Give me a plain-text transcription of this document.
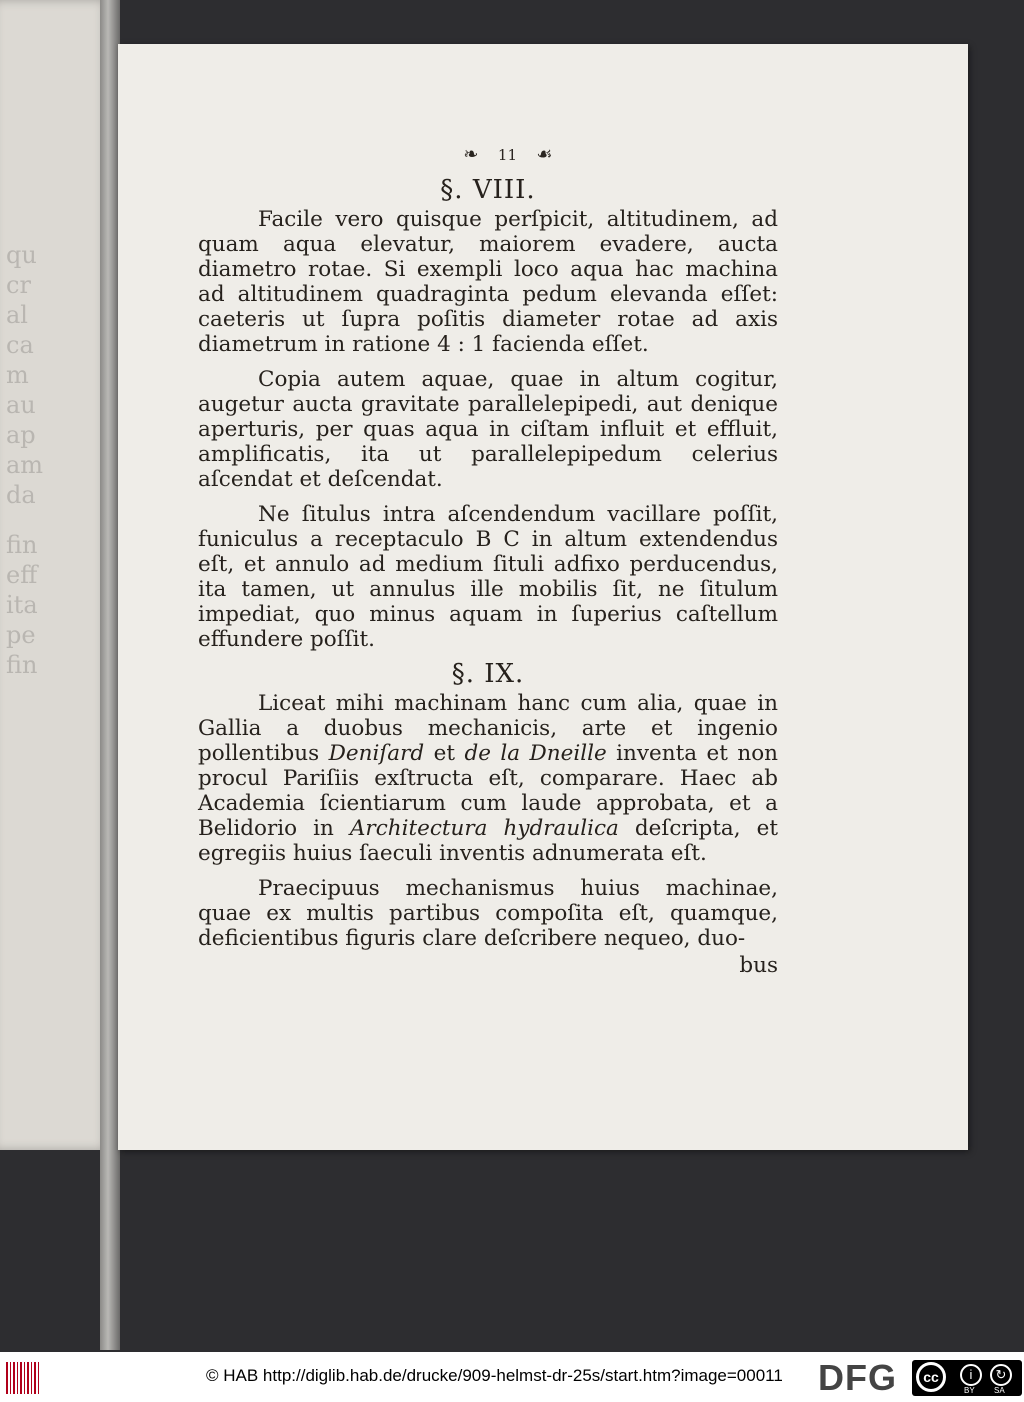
qu
cr
al
ca
m
au
ap
am
da
fin
eff
ita
pe
fin
❧ 11 ☙
§. VIII.

Facile vero quisque perſpicit, altitudinem, ad quam aqua elevatur, maiorem evadere, aucta diametro rotae. Si exempli loco aqua hac machina ad altitudinem quadraginta pedum elevanda eſſet: caeteris ut ſupra poſitis diameter rotae ad axis diametrum in ratione 4 : 1 facienda eſſet.

Copia autem aquae, quae in altum cogitur, augetur aucta gravitate parallelepipedi, aut denique aperturis, per quas aqua in ciſtam influit et effluit, amplificatis, ita ut parallelepipedum celerius aſcendat et deſcendat.

Ne ſitulus intra aſcendendum vacillare poſſit, funiculus a receptaculo B C in altum extendendus eſt, et annulo ad medium ſituli adfixo perducendus, ita tamen, ut annulus ille mobilis ſit, ne ſitulum impediat, quo minus aquam in ſuperius caſtellum effundere poſſit.

§. IX.

Liceat mihi machinam hanc cum alia, quae in Gallia a duobus mechanicis, arte et ingenio pollentibus Deniſard et de la Dneille inventa et non procul Pariſiis exſtructa eſt, comparare. Haec ab Academia ſcientiarum cum laude approbata, et a Belidorio in Architectura hydraulica deſcripta, et egregiis huius ſaeculi inventis adnumerata eſt.

Praecipuus mechanismus huius machinae, quae ex multis partibus compoſita eſt, quamque, deficientibus figuris clare deſcribere nequeo, duo-

bus

© HAB http://diglib.hab.de/drucke/909-helmst-dr-25s/start.htm?image=00011 DFG	cc	i	↻
BY SA
